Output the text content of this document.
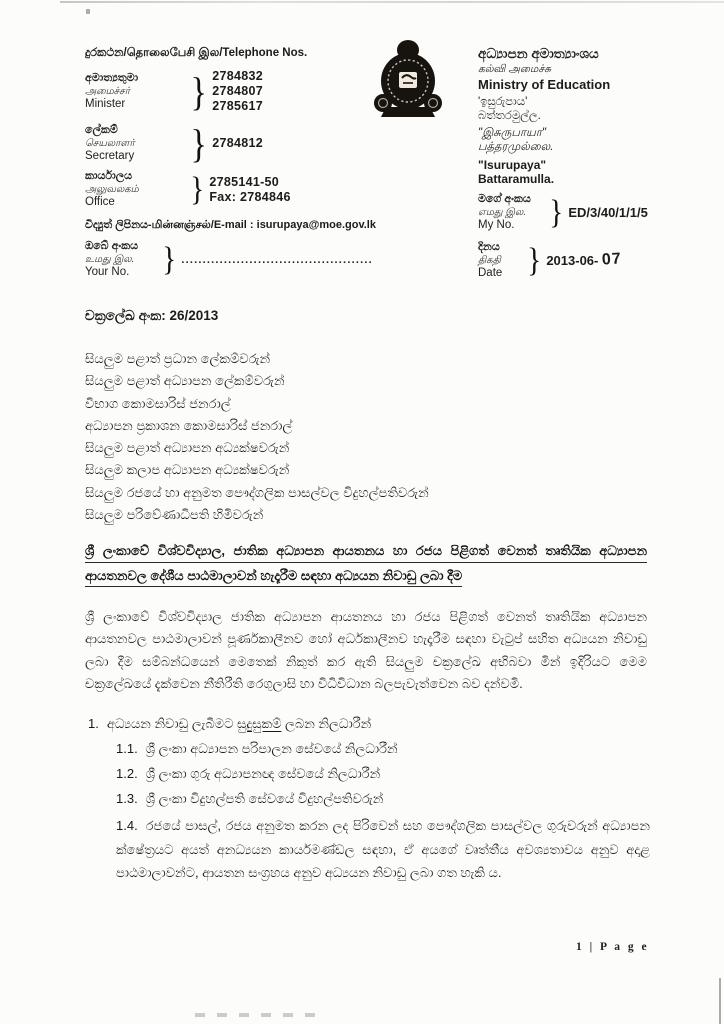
දුරකථන/தொலைபேசி இல/Telephone Nos.
අමාත්‍යතුමා
அமைச்சர்
Minister	} 2784832
2784807
2785617
ලේකම්
செயலாளர்
Secretary	} 2784812
කාර්යාලය
அலுவலகம்
Office	} 2785141-50
Fax: 2784846
විද්‍යුත් ලිපිනය-மின்னஞ்சல்/E-mail : isurupaya@moe.gov.lk
ඔබේ අංකය
உமது இல.
Your No. } .............................................
අධ්‍යාපන අමාත්‍යාංශය
கல்வி அமைச்சு
Ministry of Education
'ඉසුරුපාය'
බත්තරමුල්ල.
"இசுருபாயா"
பத்தரமுல்லை.
"Isurupaya"
Battaramulla.
මගේ අංකය
எமது இல.
My No.	} ED/3/40/1/1/5
දිනය
திகதி
Date } 2013-06- 07
චක්‍රලේඛ අංක: 26/2013
සියලුම පළාත් ප්‍රධාන ලේකම්වරුන්
සියලුම පළාත් අධ්‍යාපන ලේකම්වරුන්
විභාග කොමසාරිස් ජනරාල්
අධ්‍යාපන ප්‍රකාශන කොමසාරිස් ජනරාල්
සියලුම පළාත් අධ්‍යාපන අධ්‍යක්ෂවරුන්
සියලුම කලාප අධ්‍යාපන අධ්‍යක්ෂවරුන්
සියලුම රජයේ හා අනුමත පෞද්ගලික පාසල්වල විදුහල්පතිවරුන්
සියලුම පරිවේණාධිපති හිමිවරුන්
ශ්‍රී ලංකාවේ විශ්වවිද්‍යාල, ජාතික අධ්‍යාපන ආයතනය හා රජය පිළිගත් වෙනත් තෘතියික අධ්‍යාපන
ආයතනවල දේශීය පාඨමාලාවන් හැදෑරීම සඳහා අධ්‍යයන නිවාඩු ලබා දීම
ශ්‍රී ලංකාවේ විශ්වවිද්‍යාල ජාතික අධ්‍යාපන ආයතනය හා රජය පිළිගත් වෙනත් තෘතියික අධ්‍යාපන ආයතනවල පාඨමාලාවන් පූර්ණකාලීනව හෝ අර්ධකාලීනව හැදෑරීම සඳහා වැටුප් සහිත අධ්‍යයන නිවාඩු ලබා දීම සම්බන්ධයෙන් මෙතෙක් නිකුත් කර ඇති සියලුම චක්‍රලේඛ අභිබවා මින් ඉදිරියට මෙම චක්‍රලේඛයේ දැක්වෙන නීතිරීති රෙගුලාසි හා විධිවිධාන බලපැවැත්වෙන බව දන්වමි.
1. අධ්‍යයන නිවාඩු ලැබීමට සුදුසුකම් ලබන නිලධාරීන්
1.1. ශ්‍රී ලංකා අධ්‍යාපන පරිපාලන සේවයේ නිලධාරීන්
1.2. ශ්‍රී ලංකා ගුරු අධ්‍යාපනඥ සේවයේ නිලධාරීන්
1.3. ශ්‍රී ලංකා විදුහල්පති සේවයේ විදුහල්පතිවරුන්
1.4. රජයේ පාසල්, රජය අනුමත කරන ලද පිරිවෙන් සහ පෞද්ගලික පාසල්වල ගුරුවරුන් අධ්‍යාපන ක්ෂේත්‍රයට අයත් අනධ්‍යයන කාර්යමණ්ඩල සඳහා, ඒ අයගේ වෘත්තීය අවශ්‍යතාවය අනුව අදාළ පාඨමාලාවන්ට, ආයතන සංග්‍රහය අනුව අධ්‍යයන නිවාඩු ලබා ගත හැකි ය.
1 | P a g e
